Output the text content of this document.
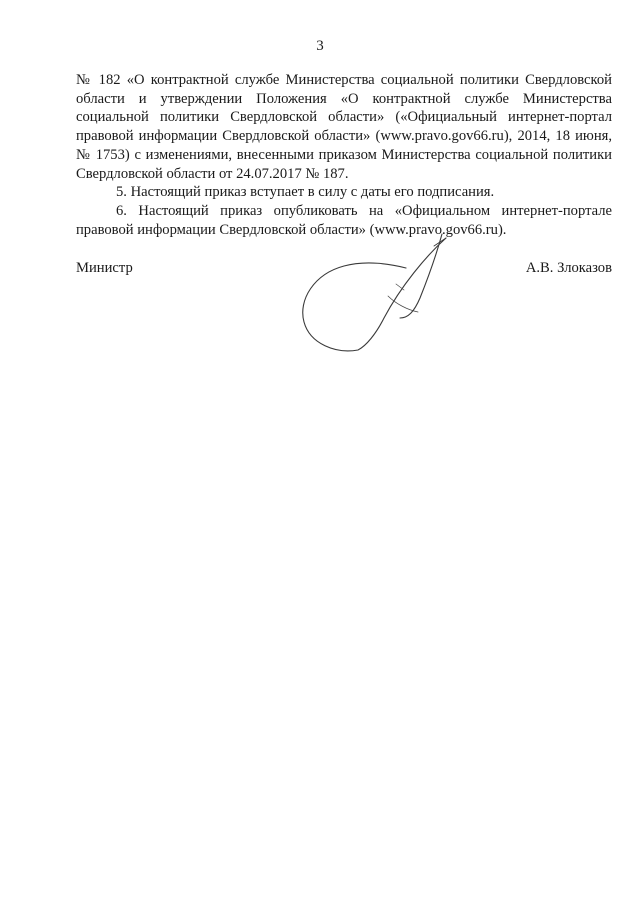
3

№ 182 «О контрактной службе Министерства социальной политики Свердловской области и утверждении Положения «О контрактной службе Министерства социальной политики Свердловской области» («Официальный интернет-портал правовой информации Свердловской области» (www.pravo.gov66.ru), 2014, 18 июня, № 1753) с изменениями, внесенными приказом Министерства социальной политики Свердловской области от 24.07.2017 № 187.

5. Настоящий приказ вступает в силу с даты его подписания.

6. Настоящий приказ опубликовать на «Официальном интернет-портале правовой информации Свердловской области» (www.pravo.gov66.ru).

Министр	А.В. Злоказов
